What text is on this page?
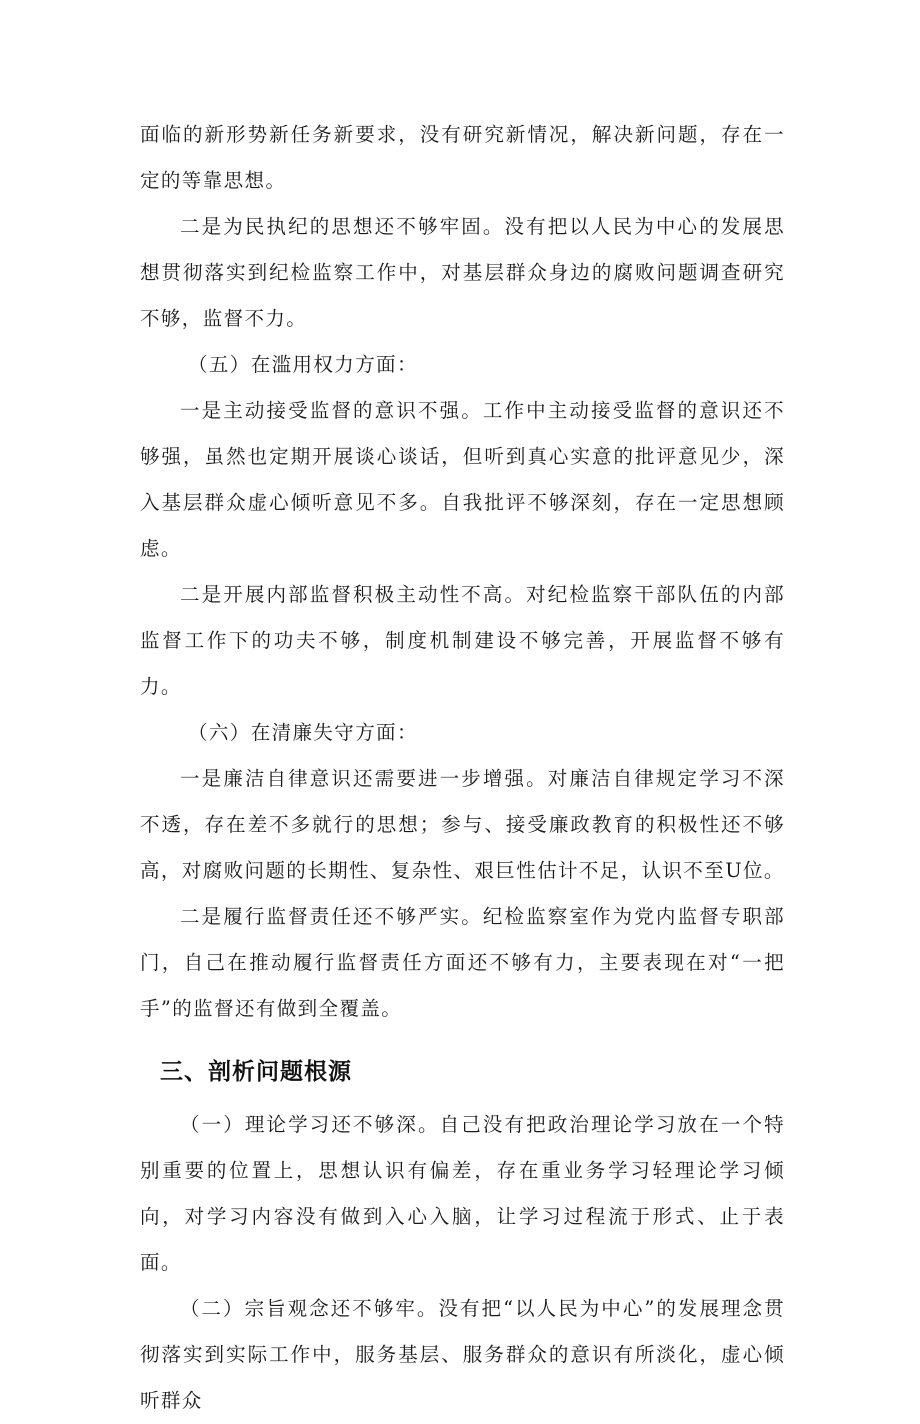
面临的新形势新任务新要求，没有研究新情况，解决新问题，存在一定的等靠思想。

二是为民执纪的思想还不够牢固。没有把以人民为中心的发展思想贯彻落实到纪检监察工作中，对基层群众身边的腐败问题调查研究不够，监督不力。

（五）在滥用权力方面：

一是主动接受监督的意识不强。工作中主动接受监督的意识还不够强，虽然也定期开展谈心谈话，但听到真心实意的批评意见少，深入基层群众虚心倾听意见不多。自我批评不够深刻，存在一定思想顾虑。

二是开展内部监督积极主动性不高。对纪检监察干部队伍的内部监督工作下的功夫不够，制度机制建设不够完善，开展监督不够有力。

（六）在清廉失守方面：

一是廉洁自律意识还需要进一步增强。对廉洁自律规定学习不深不透，存在差不多就行的思想；参与、接受廉政教育的积极性还不够高，对腐败问题的长期性、复杂性、艰巨性估计不足，认识不至U位。

二是履行监督责任还不够严实。纪检监察室作为党内监督专职部门，自己在推动履行监督责任方面还不够有力，主要表现在对“一把手”的监督还有做到全覆盖。

三、剖析问题根源

（一）理论学习还不够深。自己没有把政治理论学习放在一个特别重要的位置上，思想认识有偏差，存在重业务学习轻理论学习倾向，对学习内容没有做到入心入脑，让学习过程流于形式、止于表面。

（二）宗旨观念还不够牢。没有把“以人民为中心”的发展理念贯彻落实到实际工作中，服务基层、服务群众的意识有所淡化，虚心倾听群众
